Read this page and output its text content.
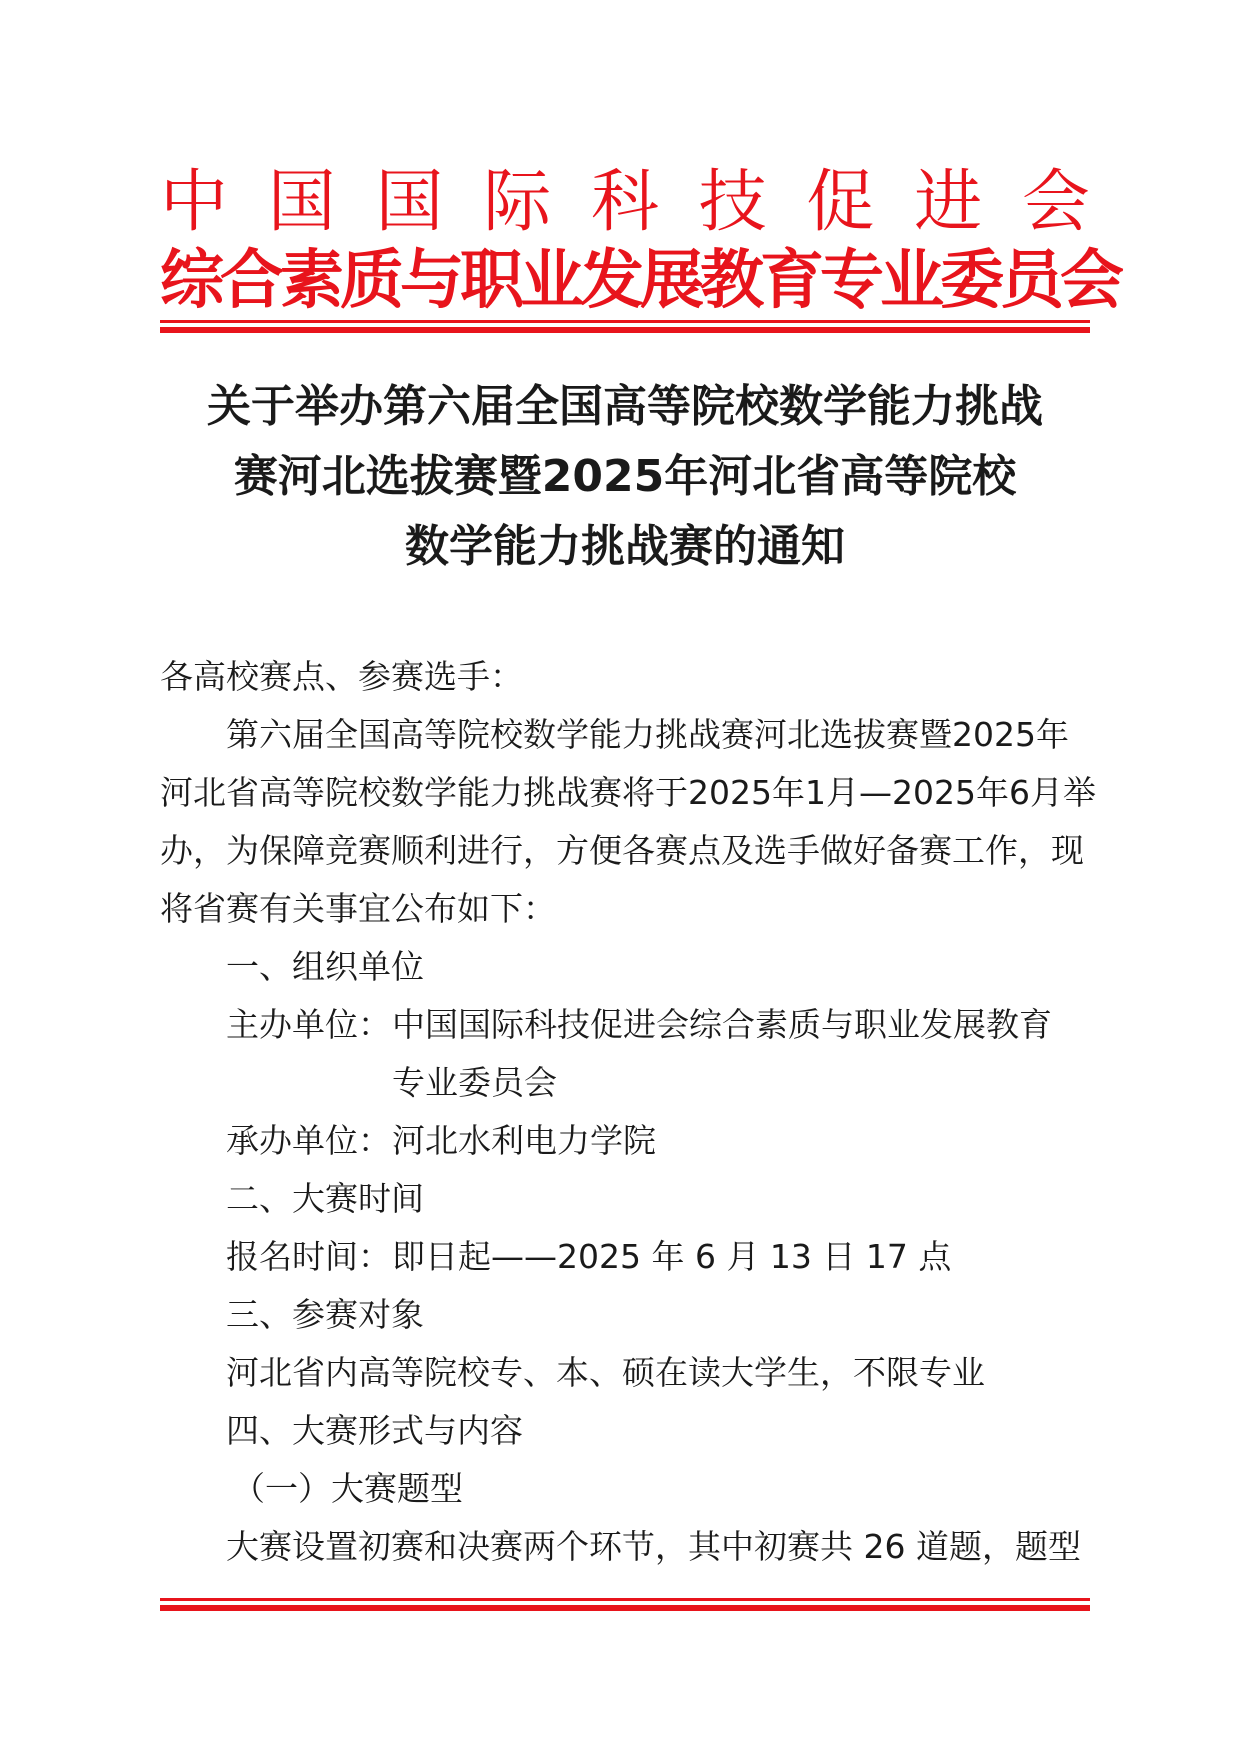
中 国 国 际 科 技 促 进 会
综合素质与职业发展教育专业委员会
关于举办第六届全国高等院校数学能力挑战
赛河北选拔赛暨2025年河北省高等院校
数学能力挑战赛的通知

各高校赛点、参赛选手：

第六届全国高等院校数学能力挑战赛河北选拔赛暨2025年

河北省高等院校数学能力挑战赛将于2025年1月—2025年6月举

办，为保障竞赛顺利进行，方便各赛点及选手做好备赛工作，现

将省赛有关事宜公布如下：

一、组织单位

主办单位：中国国际科技促进会综合素质与职业发展教育

专业委员会

承办单位：河北水利电力学院

二、大赛时间

报名时间：即日起——2025 年 6 月 13 日 17 点

三、参赛对象

河北省内高等院校专、本、硕在读大学生，不限专业

四、大赛形式与内容

（一）大赛题型

大赛设置初赛和决赛两个环节，其中初赛共 26 道题，题型
